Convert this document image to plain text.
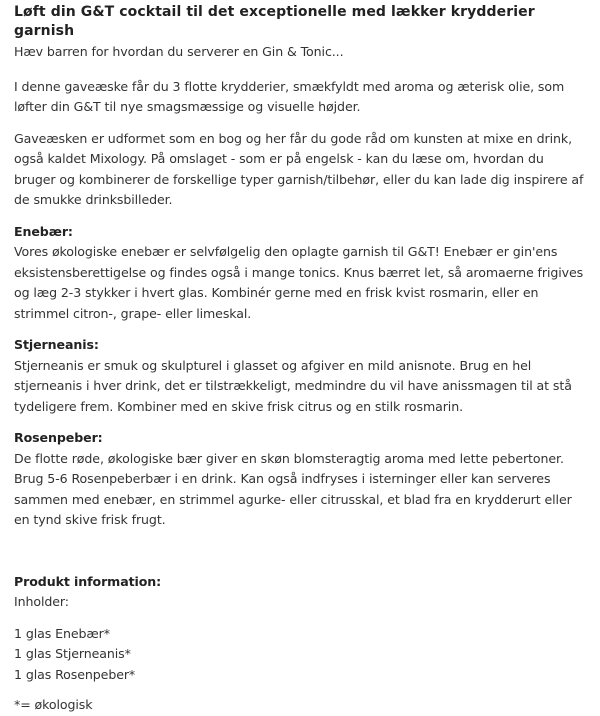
Løft din G&T cocktail til det exceptionelle med lækker krydderier garnish

Hæv barren for hvordan du serverer en Gin & Tonic...

I denne gaveæske får du 3 flotte krydderier, smækfyldt med aroma og æterisk olie, som løfter din G&T til nye smagsmæssige og visuelle højder.

Gaveæsken er udformet som en bog og her får du gode råd om kunsten at mixe en drink, også kaldet Mixology. På omslaget - som er på engelsk - kan du læse om, hvordan du bruger og kombinerer de forskellige typer garnish/tilbehør, eller du kan lade dig inspirere af de smukke drinksbilleder.

Enebær:

Vores økologiske enebær er selvfølgelig den oplagte garnish til G&T! Enebær er gin'ens eksistensberettigelse og findes også i mange tonics. Knus bærret let, så aromaerne frigives og læg 2-3 stykker i hvert glas. Kombinér gerne med en frisk kvist rosmarin, eller en strimmel citron-, grape- eller limeskal.

Stjerneanis:

Stjerneanis er smuk og skulpturel i glasset og afgiver en mild anisnote. Brug en hel stjerneanis i hver drink, det er tilstrækkeligt, medmindre du vil have anissmagen til at stå tydeligere frem. Kombiner med en skive frisk citrus og en stilk rosmarin.

Rosenpeber:

De flotte røde, økologiske bær giver en skøn blomsteragtig aroma med lette pebertoner. Brug 5-6 Rosenpeberbær i en drink. Kan også indfryses i isterninger eller kan serveres sammen med enebær, en strimmel agurke- eller citrusskal, et blad fra en krydderurt eller en tynd skive frisk frugt.

Produkt information:
Inholder:
1 glas Enebær*
1 glas Stjerneanis*
1 glas Rosenpeber*
*= økologisk
